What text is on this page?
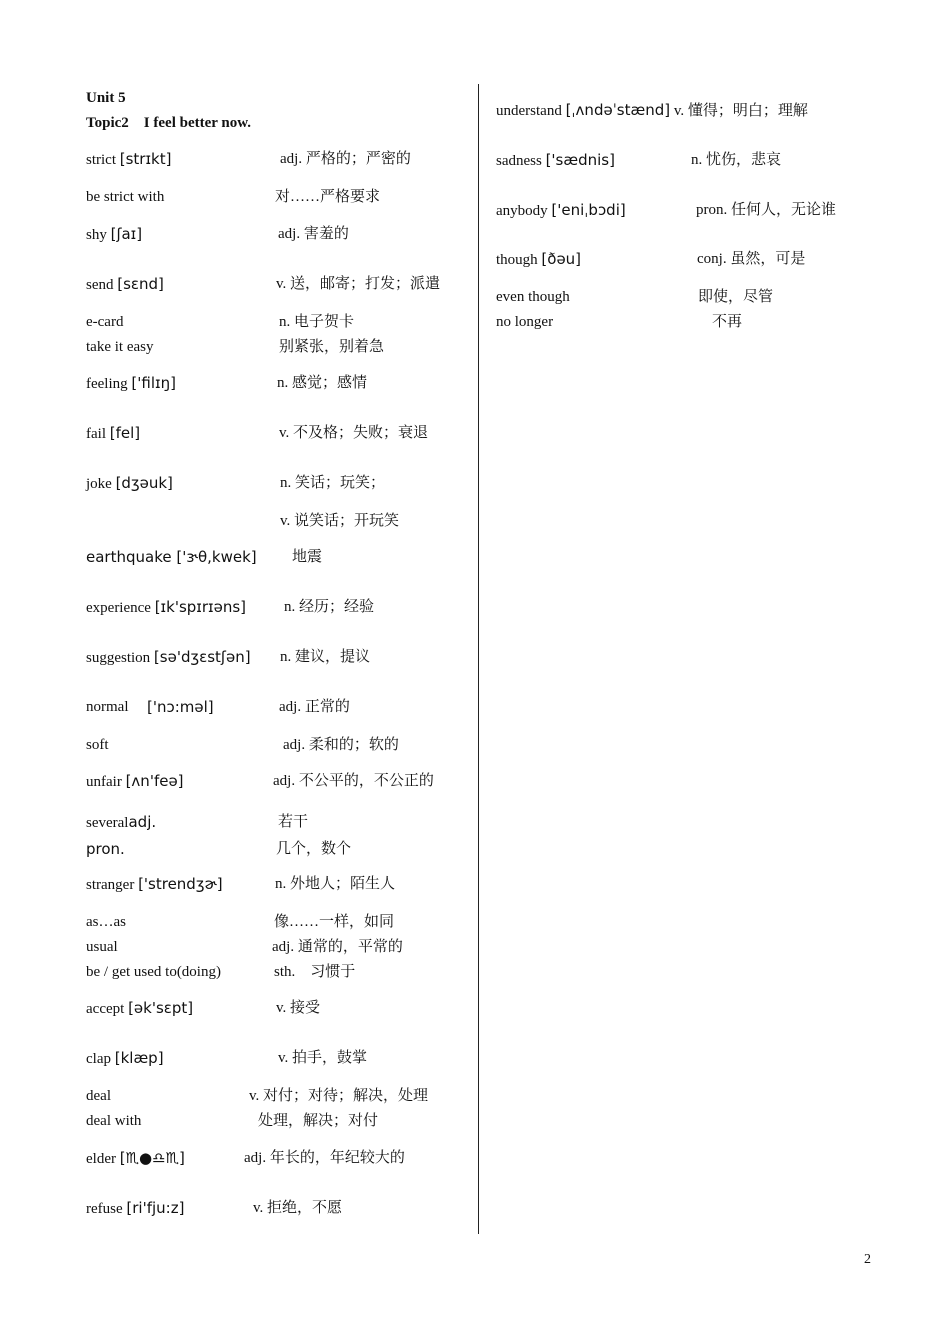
Unit 5
Topic2    I feel better now.
strict [strɪkt]	adj. 严格的；严密的
be strict with	对……严格要求
shy [ʃaɪ]	adj. 害羞的
send [sɛnd]	v. 送，邮寄；打发；派遣
e-card	n. 电子贺卡
take it easy	别紧张，别着急
feeling ['filɪŋ]	n. 感觉；感情
fail [fel]	v. 不及格；失败；衰退
joke [dʒəuk]	n. 笑话；玩笑；
v. 说笑话；开玩笑
earthquake ['ɝθ,kwek] 地震
experience [ɪk'spɪrɪəns]	n. 经历；经验
suggestion [sə'dʒɛstʃən] n. 建议，提议
normal ['nɔ:məl]	adj. 正常的
soft	adj. 柔和的；软的
unfair [ʌn'feə]	adj. 不公平的，不公正的
severaladj.	若干
pron.	几个，数个
stranger ['strendʒɚ]	n. 外地人；陌生人
as…as	像……一样，如同
usual	adj. 通常的，平常的
be / get used to(doing)	sth.    习惯于
accept [ək'sɛpt]	v. 接受
clap [klæp]	v. 拍手，鼓掌
deal	v. 对付；对待；解决，处理
deal with	处理，解决；对付
elder [♏●♎♏]	adj. 年长的，年纪较大的
refuse [ri'fju:z]	v. 拒绝，不愿
understand [ˌʌndəˈstænd] v. 懂得；明白；理解
sadness ['sædnis]	n. 忧伤，悲哀
anybody ['eniˌbɔdi]	pron. 任何人，无论谁
though [ðəu]	conj. 虽然，可是
even though	即使，尽管
no longer	不再
2
